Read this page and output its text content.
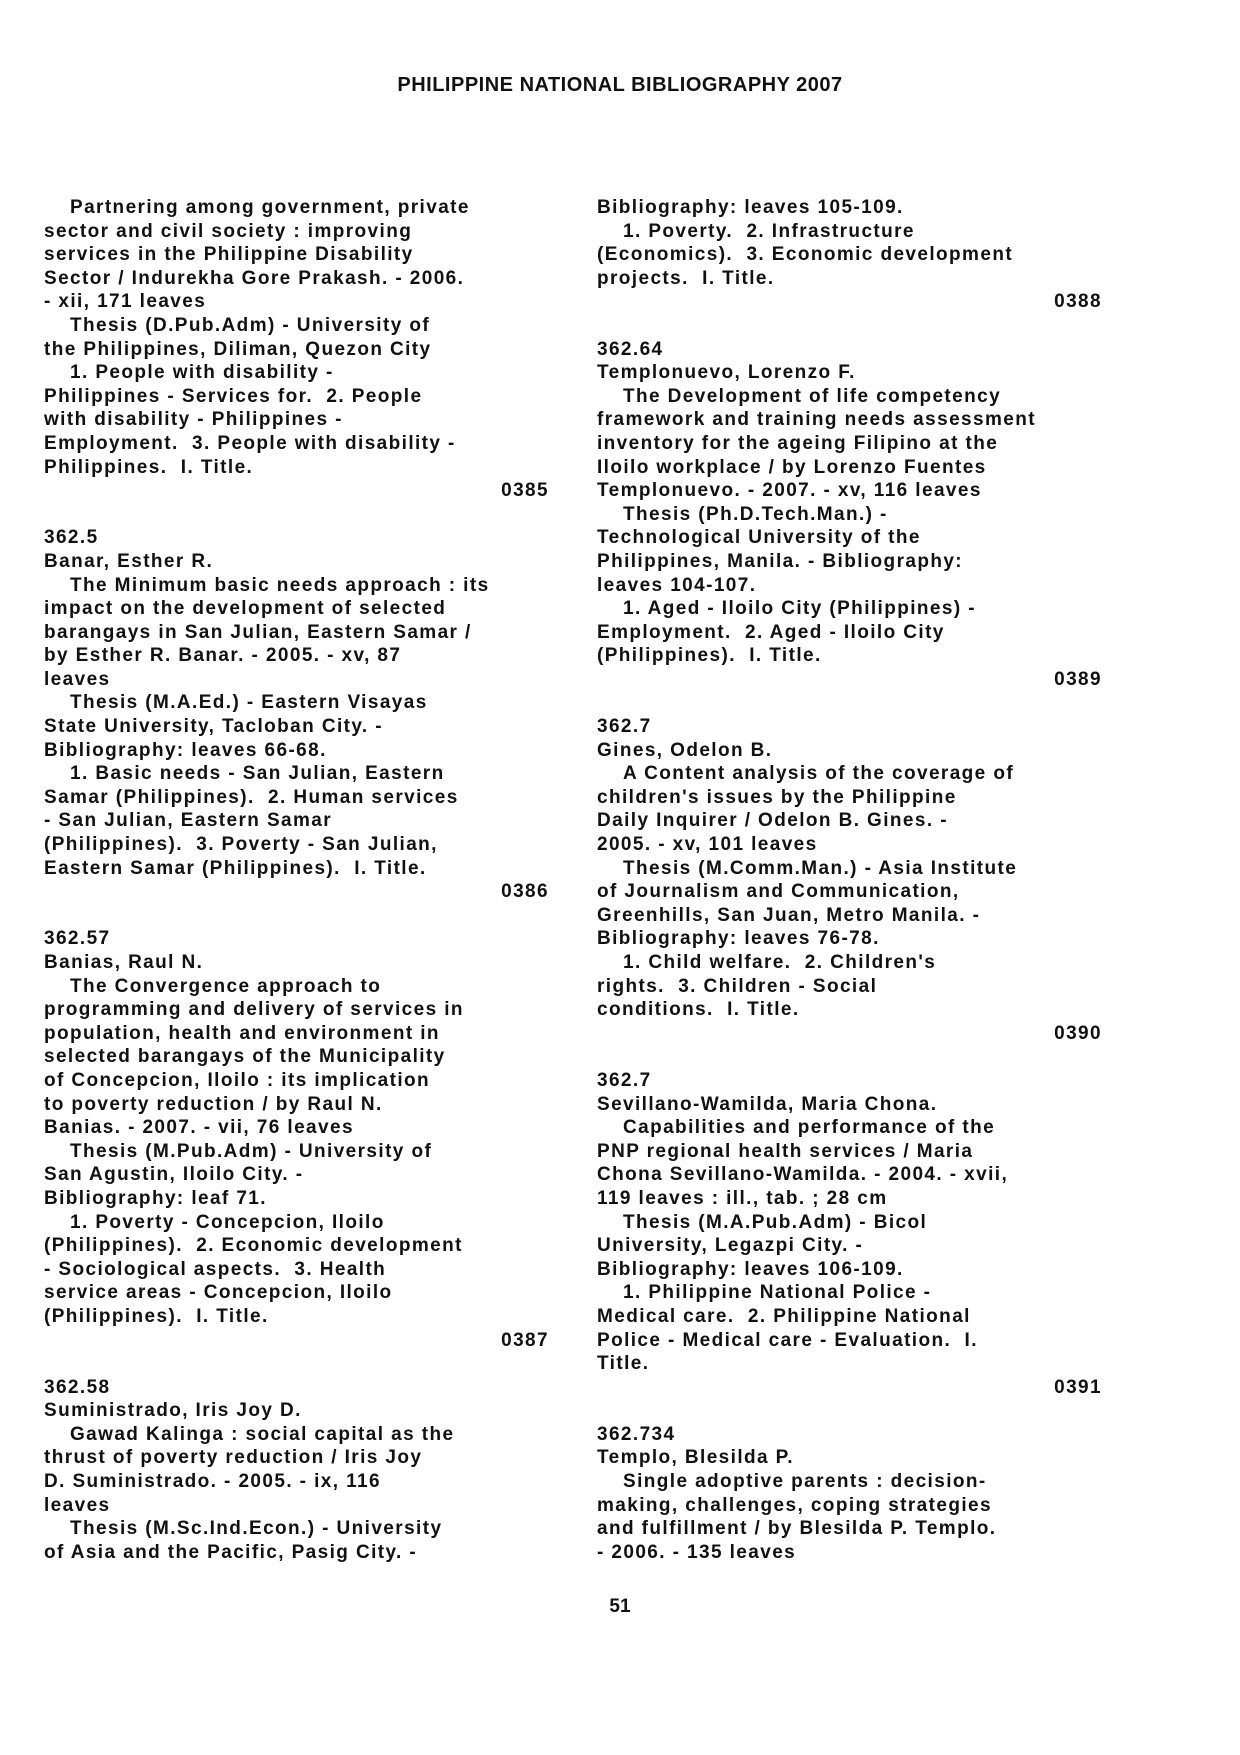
PHILIPPINE NATIONAL BIBLIOGRAPHY 2007
Partnering among government, private
sector and civil society : improving
services in the Philippine Disability
Sector / Indurekha Gore Prakash. - 2006.
- xii, 171 leaves
Thesis (D.Pub.Adm) - University of
the Philippines, Diliman, Quezon City
1. People with disability -
Philippines - Services for.  2. People
with disability - Philippines -
Employment.  3. People with disability -
Philippines.  I. Title.
0385
362.5
Banar, Esther R.
The Minimum basic needs approach : its
impact on the development of selected
barangays in San Julian, Eastern Samar /
by Esther R. Banar. - 2005. - xv, 87
leaves
Thesis (M.A.Ed.) - Eastern Visayas
State University, Tacloban City. -
Bibliography: leaves 66-68.
1. Basic needs - San Julian, Eastern
Samar (Philippines).  2. Human services
- San Julian, Eastern Samar
(Philippines).  3. Poverty - San Julian,
Eastern Samar (Philippines).  I. Title.
0386
362.57
Banias, Raul N.
The Convergence approach to
programming and delivery of services in
population, health and environment in
selected barangays of the Municipality
of Concepcion, Iloilo : its implication
to poverty reduction / by Raul N.
Banias. - 2007. - vii, 76 leaves
Thesis (M.Pub.Adm) - University of
San Agustin, Iloilo City. -
Bibliography: leaf 71.
1. Poverty - Concepcion, Iloilo
(Philippines).  2. Economic development
- Sociological aspects.  3. Health
service areas - Concepcion, Iloilo
(Philippines).  I. Title.
0387
362.58
Suministrado, Iris Joy D.
Gawad Kalinga : social capital as the
thrust of poverty reduction / Iris Joy
D. Suministrado. - 2005. - ix, 116
leaves
Thesis (M.Sc.Ind.Econ.) - University
of Asia and the Pacific, Pasig City. -
Bibliography: leaves 105-109.
1. Poverty.  2. Infrastructure
(Economics).  3. Economic development
projects.  I. Title.
0388
362.64
Templonuevo, Lorenzo F.
The Development of life competency
framework and training needs assessment
inventory for the ageing Filipino at the
Iloilo workplace / by Lorenzo Fuentes
Templonuevo. - 2007. - xv, 116 leaves
Thesis (Ph.D.Tech.Man.) -
Technological University of the
Philippines, Manila. - Bibliography:
leaves 104-107.
1. Aged - Iloilo City (Philippines) -
Employment.  2. Aged - Iloilo City
(Philippines).  I. Title.
0389
362.7
Gines, Odelon B.
A Content analysis of the coverage of
children's issues by the Philippine
Daily Inquirer / Odelon B. Gines. -
2005. - xv, 101 leaves
Thesis (M.Comm.Man.) - Asia Institute
of Journalism and Communication,
Greenhills, San Juan, Metro Manila. -
Bibliography: leaves 76-78.
1. Child welfare.  2. Children's
rights.  3. Children - Social
conditions.  I. Title.
0390
362.7
Sevillano-Wamilda, Maria Chona.
Capabilities and performance of the
PNP regional health services / Maria
Chona Sevillano-Wamilda. - 2004. - xvii,
119 leaves : ill., tab. ; 28 cm
Thesis (M.A.Pub.Adm) - Bicol
University, Legazpi City. -
Bibliography: leaves 106-109.
1. Philippine National Police -
Medical care.  2. Philippine National
Police - Medical care - Evaluation.  I.
Title.
0391
362.734
Templo, Blesilda P.
Single adoptive parents : decision-
making, challenges, coping strategies
and fulfillment / by Blesilda P. Templo.
- 2006. - 135 leaves
51
